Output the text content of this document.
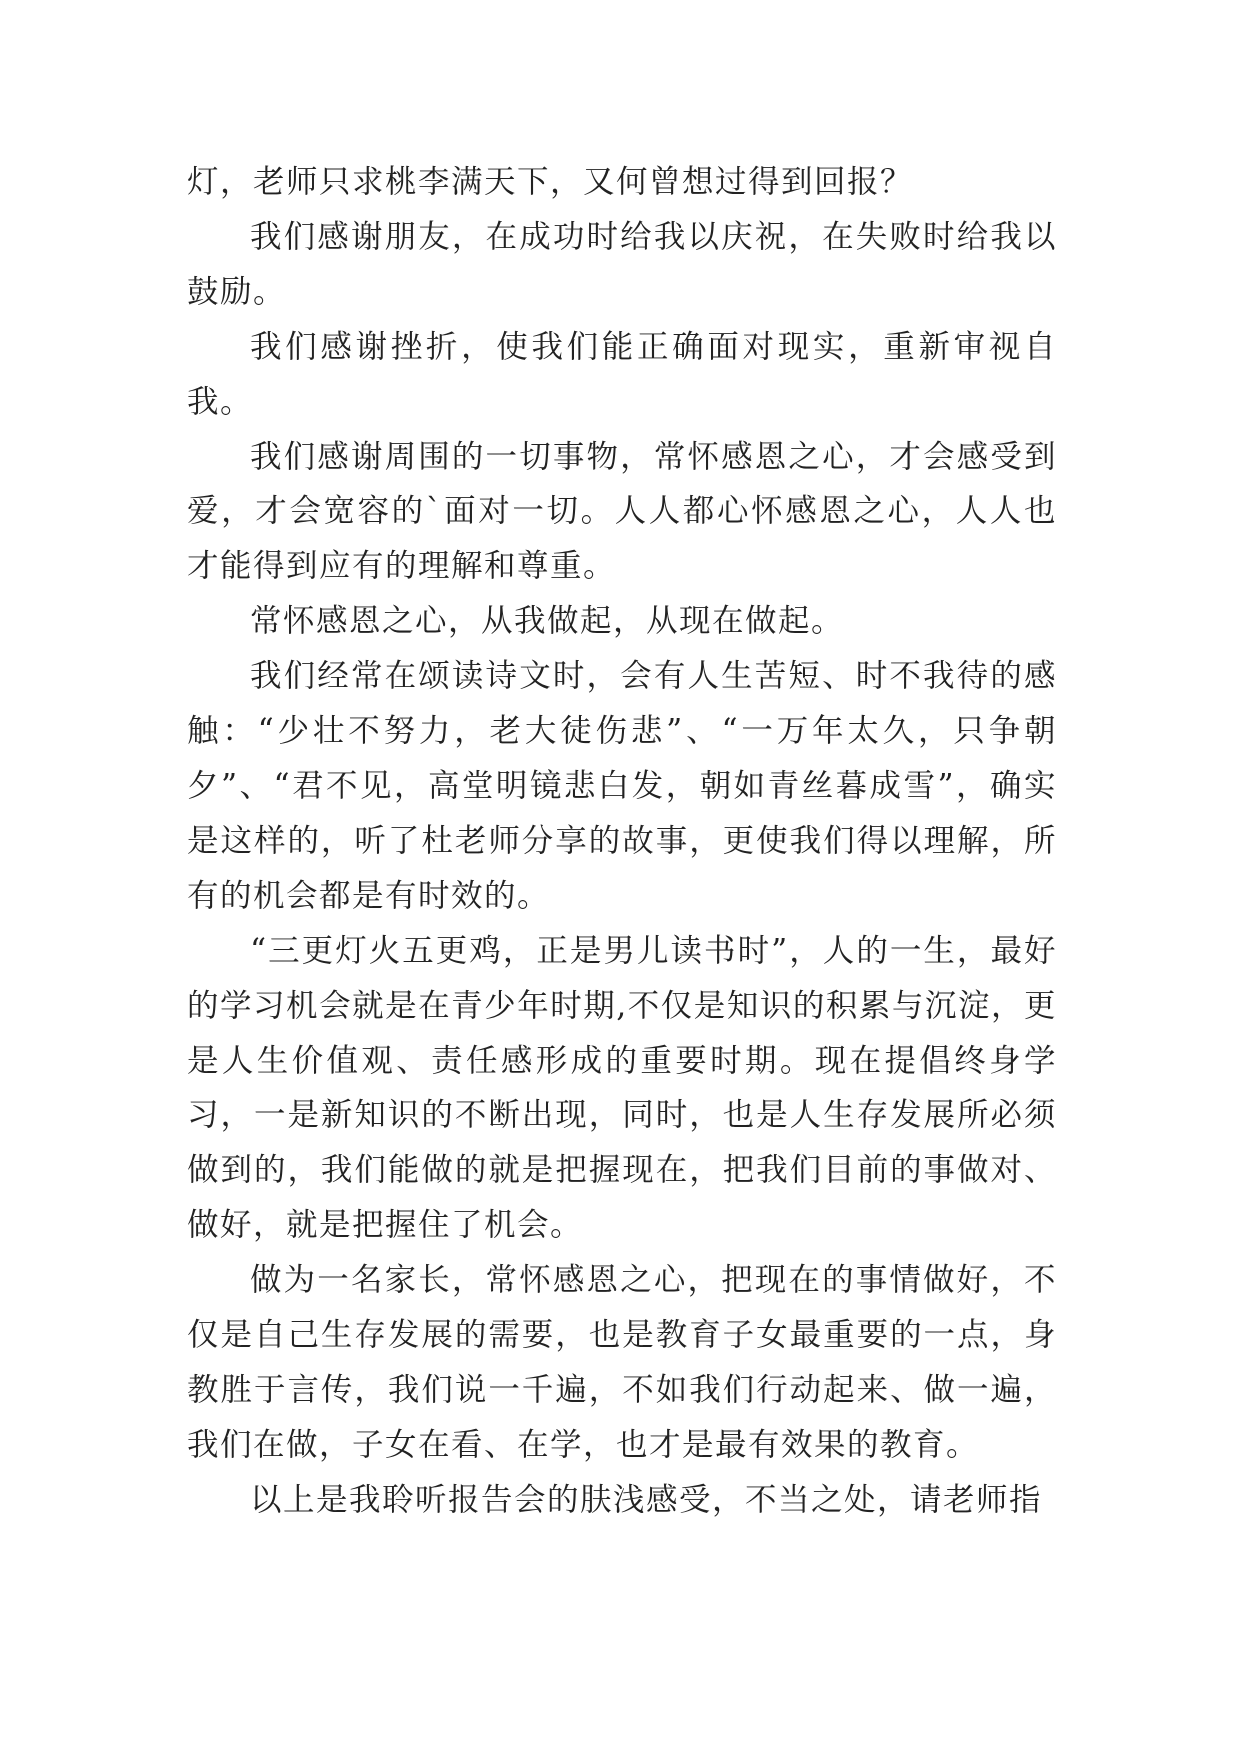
灯，老师只求桃李满天下，又何曾想过得到回报？

我们感谢朋友，在成功时给我以庆祝，在失败时给我以鼓励。

我们感谢挫折，使我们能正确面对现实，重新审视自我。

我们感谢周围的一切事物，常怀感恩之心，才会感受到爱，才会宽容的`面对一切。人人都心怀感恩之心，人人也才能得到应有的理解和尊重。

常怀感恩之心，从我做起，从现在做起。

我们经常在颂读诗文时，会有人生苦短、时不我待的感触：“少壮不努力，老大徒伤悲”、“一万年太久，只争朝夕”、“君不见，高堂明镜悲白发，朝如青丝暮成雪”，确实是这样的，听了杜老师分享的故事，更使我们得以理解，所有的机会都是有时效的。

“三更灯火五更鸡，正是男儿读书时”，人的一生，最好的学习机会就是在青少年时期,不仅是知识的积累与沉淀，更是人生价值观、责任感形成的重要时期。现在提倡终身学习，一是新知识的不断出现，同时，也是人生存发展所必须做到的，我们能做的就是把握现在，把我们目前的事做对、做好，就是把握住了机会。

做为一名家长，常怀感恩之心，把现在的事情做好，不仅是自己生存发展的需要，也是教育子女最重要的一点，身教胜于言传，我们说一千遍，不如我们行动起来、做一遍，我们在做，子女在看、在学，也才是最有效果的教育。

以上是我聆听报告会的肤浅感受，不当之处，请老师指
